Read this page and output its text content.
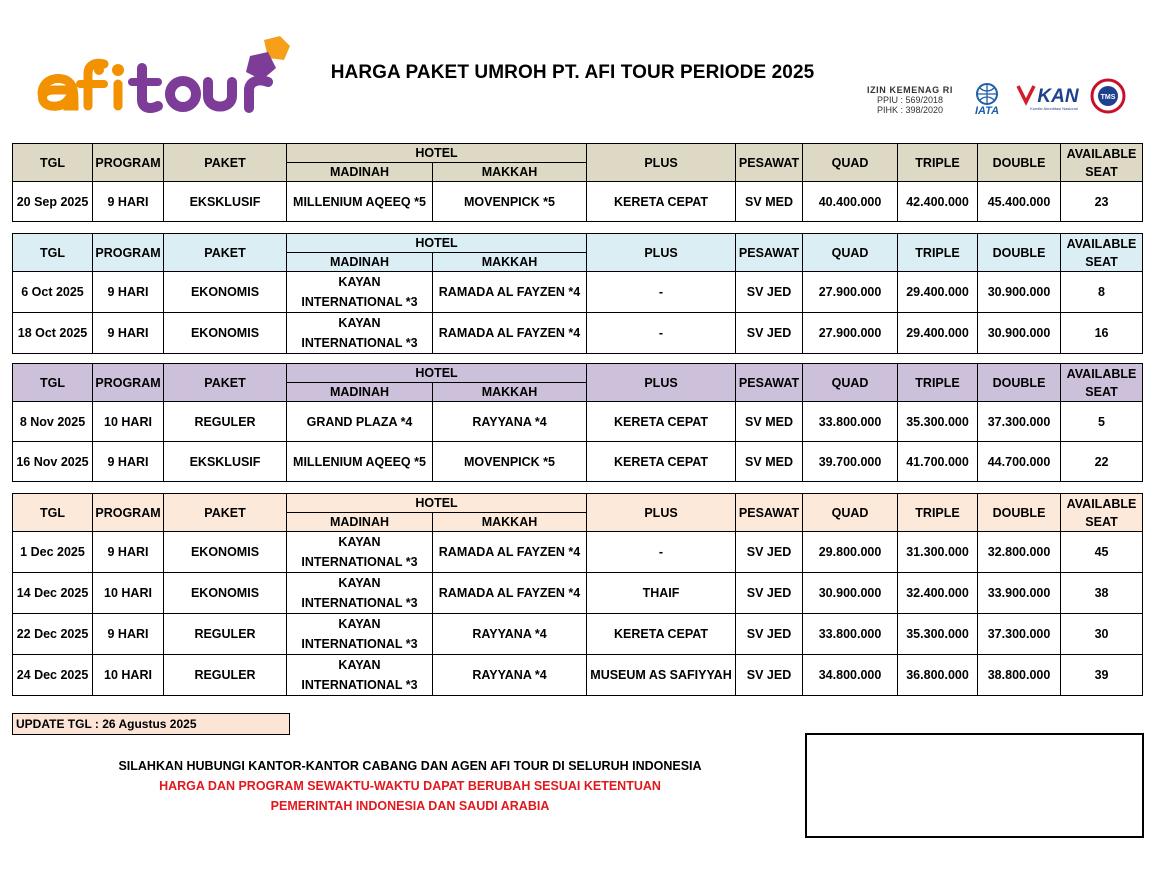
HARGA PAKET UMROH PT. AFI TOUR PERIODE 2025
IZIN KEMENAG RI
PPIU : 569/2018
PIHK : 398/2020	IATA
KAN
Komite Akreditasi Nasional
TMS
TGL	PROGRAM	PAKET	HOTEL		PLUS	PESAWAT	QUAD	TRIPLE	DOUBLE	AVAILABLE
SEAT

			MADINAH	MAKKAH						
20 Sep 2025	9 HARI	EKSKLUSIF	MILLENIUM AQEEQ *5	MOVENPICK *5	KERETA CEPAT	SV MED	40.400.000	42.400.000	45.400.000	23
TGL	PROGRAM	PAKET	HOTEL		PLUS	PESAWAT	QUAD	TRIPLE	DOUBLE	AVAILABLE
SEAT

			MADINAH	MAKKAH						
6 Oct 2025	9 HARI	EKONOMIS	KAYAN INTERNATIONAL *3	RAMADA AL FAYZEN *4	-	SV JED	27.900.000	29.400.000	30.900.000	8
18 Oct 2025	9 HARI	EKONOMIS	KAYAN INTERNATIONAL *3	RAMADA AL FAYZEN *4	-	SV JED	27.900.000	29.400.000	30.900.000	16
TGL	PROGRAM	PAKET	HOTEL		PLUS	PESAWAT	QUAD	TRIPLE	DOUBLE	AVAILABLE
SEAT

			MADINAH	MAKKAH						
8 Nov 2025	10 HARI	REGULER	GRAND PLAZA *4	RAYYANA *4	KERETA CEPAT	SV MED	33.800.000	35.300.000	37.300.000	5
16 Nov 2025	9 HARI	EKSKLUSIF	MILLENIUM AQEEQ *5	MOVENPICK *5	KERETA CEPAT	SV MED	39.700.000	41.700.000	44.700.000	22
TGL	PROGRAM	PAKET	HOTEL		PLUS	PESAWAT	QUAD	TRIPLE	DOUBLE	AVAILABLE
SEAT

			MADINAH	MAKKAH						
1 Dec 2025	9 HARI	EKONOMIS	KAYAN INTERNATIONAL *3	RAMADA AL FAYZEN *4	-	SV JED	29.800.000	31.300.000	32.800.000	45
14 Dec 2025	10 HARI	EKONOMIS	KAYAN INTERNATIONAL *3	RAMADA AL FAYZEN *4	THAIF	SV JED	30.900.000	32.400.000	33.900.000	38
22 Dec 2025	9 HARI	REGULER	KAYAN INTERNATIONAL *3	RAYYANA *4	KERETA CEPAT	SV JED	33.800.000	35.300.000	37.300.000	30
24 Dec 2025	10 HARI	REGULER	KAYAN INTERNATIONAL *3	RAYYANA *4	MUSEUM AS SAFIYYAH	SV JED	34.800.000	36.800.000	38.800.000	39
UPDATE TGL : 26 Agustus 2025
SILAHKAN HUBUNGI KANTOR-KANTOR CABANG DAN AGEN AFI TOUR DI SELURUH INDONESIA
HARGA DAN PROGRAM SEWAKTU-WAKTU DAPAT BERUBAH SESUAI KETENTUAN
PEMERINTAH INDONESIA DAN SAUDI ARABIA
